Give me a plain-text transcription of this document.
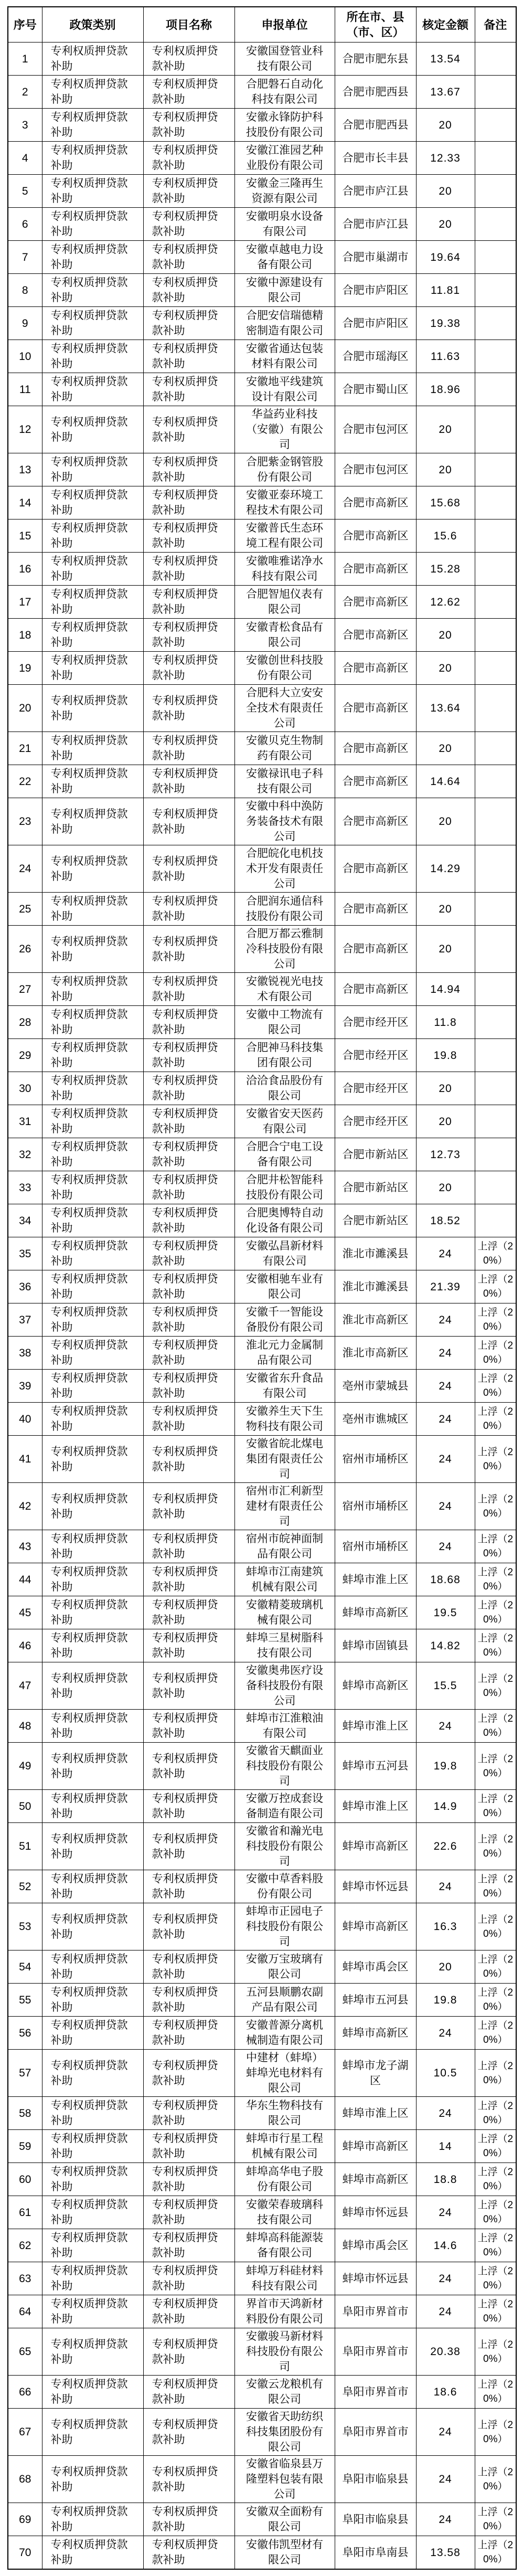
序号	政策类别	项目名称	申报单位	所在市、县（市、区）	核定金额	备注
1	专利权质押贷款补助	专利权质押贷款补助	安徽国登管业科技有限公司	合肥市肥东县	13.54	
2	专利权质押贷款补助	专利权质押贷款补助	合肥磐石自动化科技有限公司	合肥市肥西县	13.67	
3	专利权质押贷款补助	专利权质押贷款补助	安徽永锋防护科技股份有限公司	合肥市肥西县	20	
4	专利权质押贷款补助	专利权质押贷款补助	安徽江淮园艺种业股份有限公司	合肥市长丰县	12.33	
5	专利权质押贷款补助	专利权质押贷款补助	安徽金三隆再生资源有限公司	合肥市庐江县	20	
6	专利权质押贷款补助	专利权质押贷款补助	安徽明泉水设备有限公司	合肥市庐江县	20	
7	专利权质押贷款补助	专利权质押贷款补助	安徽卓越电力设备有限公司	合肥市巢湖市	19.64	
8	专利权质押贷款补助	专利权质押贷款补助	安徽中源建设有限公司	合肥市庐阳区	11.81	
9	专利权质押贷款补助	专利权质押贷款补助	合肥安信瑞德精密制造有限公司	合肥市庐阳区	19.38	
10	专利权质押贷款补助	专利权质押贷款补助	安徽省通达包装材料有限公司	合肥市瑶海区	11.63	
11	专利权质押贷款补助	专利权质押贷款补助	安徽地平线建筑设计有限公司	合肥市蜀山区	18.96	
12	专利权质押贷款补助	专利权质押贷款补助	华益药业科技（安徽）有限公司	合肥市包河区	20	
13	专利权质押贷款补助	专利权质押贷款补助	合肥紫金钢管股份有限公司	合肥市包河区	20	
14	专利权质押贷款补助	专利权质押贷款补助	安徽亚泰环境工程技术有限公司	合肥市高新区	15.68	
15	专利权质押贷款补助	专利权质押贷款补助	安徽普氏生态环境工程有限公司	合肥市高新区	15.6	
16	专利权质押贷款补助	专利权质押贷款补助	安徽唯雅诺净水科技有限公司	合肥市高新区	15.28	
17	专利权质押贷款补助	专利权质押贷款补助	合肥智旭仪表有限公司	合肥市高新区	12.62	
18	专利权质押贷款补助	专利权质押贷款补助	安徽青松食品有限公司	合肥市高新区	20	
19	专利权质押贷款补助	专利权质押贷款补助	安徽创世科技股份有限公司	合肥市高新区	20	
20	专利权质押贷款补助	专利权质押贷款补助	合肥科大立安安全技术有限责任公司	合肥市高新区	13.64	
21	专利权质押贷款补助	专利权质押贷款补助	安徽贝克生物制药有限公司	合肥市高新区	20	
22	专利权质押贷款补助	专利权质押贷款补助	安徽禄讯电子科技有限公司	合肥市高新区	14.64	
23	专利权质押贷款补助	专利权质押贷款补助	安徽中科中涣防务装备技术有限公司	合肥市高新区	20	
24	专利权质押贷款补助	专利权质押贷款补助	合肥皖化电机技术开发有限责任公司	合肥市高新区	14.29	
25	专利权质押贷款补助	专利权质押贷款补助	合肥润东通信科技股份有限公司	合肥市高新区	20	
26	专利权质押贷款补助	专利权质押贷款补助	合肥万都云雅制冷科技股份有限公司	合肥市高新区	20	
27	专利权质押贷款补助	专利权质押贷款补助	安徽锐视光电技术有限公司	合肥市高新区	14.94	
28	专利权质押贷款补助	专利权质押贷款补助	安徽中工物流有限公司	合肥市经开区	11.8	
29	专利权质押贷款补助	专利权质押贷款补助	合肥神马科技集团有限公司	合肥市经开区	19.8	
30	专利权质押贷款补助	专利权质押贷款补助	洽洽食品股份有限公司	合肥市经开区	20	
31	专利权质押贷款补助	专利权质押贷款补助	安徽省安天医药有限公司	合肥市经开区	20	
32	专利权质押贷款补助	专利权质押贷款补助	合肥合宁电工设备有限公司	合肥市新站区	12.73	
33	专利权质押贷款补助	专利权质押贷款补助	合肥井松智能科技股份有限公司	合肥市新站区	20	
34	专利权质押贷款补助	专利权质押贷款补助	合肥奥博特自动化设备有限公司	合肥市新站区	18.52	
35	专利权质押贷款补助	专利权质押贷款补助	安徽弘昌新材料有限公司	淮北市濉溪县	24	上浮（20%）
36	专利权质押贷款补助	专利权质押贷款补助	安徽相驰车业有限公司	淮北市濉溪县	21.39	上浮（20%）
37	专利权质押贷款补助	专利权质押贷款补助	安徽千一智能设备股份有限公司	淮北市高新区	24	上浮（20%）
38	专利权质押贷款补助	专利权质押贷款补助	淮北元力金属制品有限公司	淮北市高新区	24	上浮（20%）
39	专利权质押贷款补助	专利权质押贷款补助	安徽省东升食品有限公司	亳州市蒙城县	24	上浮（20%）
40	专利权质押贷款补助	专利权质押贷款补助	安徽养生天下生物科技有限公司	亳州市谯城区	24	上浮（20%）
41	专利权质押贷款补助	专利权质押贷款补助	安徽省皖北煤电集团有限责任公司	宿州市埇桥区	24	上浮（20%）
42	专利权质押贷款补助	专利权质押贷款补助	宿州市汇利新型建材有限责任公司	宿州市埇桥区	24	上浮（20%）
43	专利权质押贷款补助	专利权质押贷款补助	宿州市皖神面制品有限公司	宿州市埇桥区	24	上浮（20%）
44	专利权质押贷款补助	专利权质押贷款补助	蚌埠市江南建筑机械有限公司	蚌埠市淮上区	18.68	上浮（20%）
45	专利权质押贷款补助	专利权质押贷款补助	安徽精菱玻璃机械有限公司	蚌埠市高新区	19.5	上浮（20%）
46	专利权质押贷款补助	专利权质押贷款补助	蚌埠三星树脂科技有限公司	蚌埠市固镇县	14.82	上浮（20%）
47	专利权质押贷款补助	专利权质押贷款补助	安徽奥弗医疗设备科技股份有限公司	蚌埠市高新区	15.5	上浮（20%）
48	专利权质押贷款补助	专利权质押贷款补助	蚌埠市江淮粮油有限公司	蚌埠市淮上区	24	上浮（20%）
49	专利权质押贷款补助	专利权质押贷款补助	安徽省天麒面业科技股份有限公司	蚌埠市五河县	19.8	上浮（20%）
50	专利权质押贷款补助	专利权质押贷款补助	安徽万控成套设备制造有限公司	蚌埠市淮上区	14.9	上浮（20%）
51	专利权质押贷款补助	专利权质押贷款补助	安徽省和瀚光电科技股份有限公司	蚌埠市高新区	22.6	上浮（20%）
52	专利权质押贷款补助	专利权质押贷款补助	安徽中草香料股份有限公司	蚌埠市怀远县	24	上浮（20%）
53	专利权质押贷款补助	专利权质押贷款补助	蚌埠市正园电子科技股份有限公司	蚌埠市高新区	16.3	上浮（20%）
54	专利权质押贷款补助	专利权质押贷款补助	安徽万宝玻璃有限公司	蚌埠市禹会区	20	上浮（20%）
55	专利权质押贷款补助	专利权质押贷款补助	五河县顺鹏农副产品有限公司	蚌埠市五河县	19.8	上浮（20%）
56	专利权质押贷款补助	专利权质押贷款补助	安徽普源分离机械制造有限公司	蚌埠市高新区	24	上浮（20%）
57	专利权质押贷款补助	专利权质押贷款补助	中建材（蚌埠）蚌埠光电材料有限公司	蚌埠市龙子湖区	10.5	上浮（20%）
58	专利权质押贷款补助	专利权质押贷款补助	华东生物科技有限公司	蚌埠市淮上区	24	上浮（20%）
59	专利权质押贷款补助	专利权质押贷款补助	蚌埠市行星工程机械有限公司	蚌埠市高新区	14	上浮（20%）
60	专利权质押贷款补助	专利权质押贷款补助	蚌埠高华电子股份有限公司	蚌埠市高新区	18.8	上浮（20%）
61	专利权质押贷款补助	专利权质押贷款补助	安徽荣春玻璃科技有限公司	蚌埠市怀远县	24	上浮（20%）
62	专利权质押贷款补助	专利权质押贷款补助	蚌埠高科能源装备有限公司	蚌埠市禹会区	14.6	上浮（20%）
63	专利权质押贷款补助	专利权质押贷款补助	蚌埠万科硅材料科技有限公司	蚌埠市怀远县	24	上浮（20%）
64	专利权质押贷款补助	专利权质押贷款补助	界首市天鸿新材料股份有限公司	阜阳市界首市	24	上浮（20%）
65	专利权质押贷款补助	专利权质押贷款补助	安徽骏马新材料科技股份有限公司	阜阳市界首市	20.38	上浮（20%）
66	专利权质押贷款补助	专利权质押贷款补助	安徽云龙粮机有限公司	阜阳市界首市	18.6	上浮（20%）
67	专利权质押贷款补助	专利权质押贷款补助	安徽省天助纺织科技集团股份有限公司	阜阳市界首市	24	上浮（20%）
68	专利权质押贷款补助	专利权质押贷款补助	安徽省临泉县万隆塑料包装有限公司	阜阳市临泉县	24	上浮（20%）
69	专利权质押贷款补助	专利权质押贷款补助	安徽双全面粉有限公司	阜阳市临泉县	24	上浮（20%）
70	专利权质押贷款补助	专利权质押贷款补助	安徽伟凯型材有限公司	阜阳市阜南县	13.58	上浮（20%）
